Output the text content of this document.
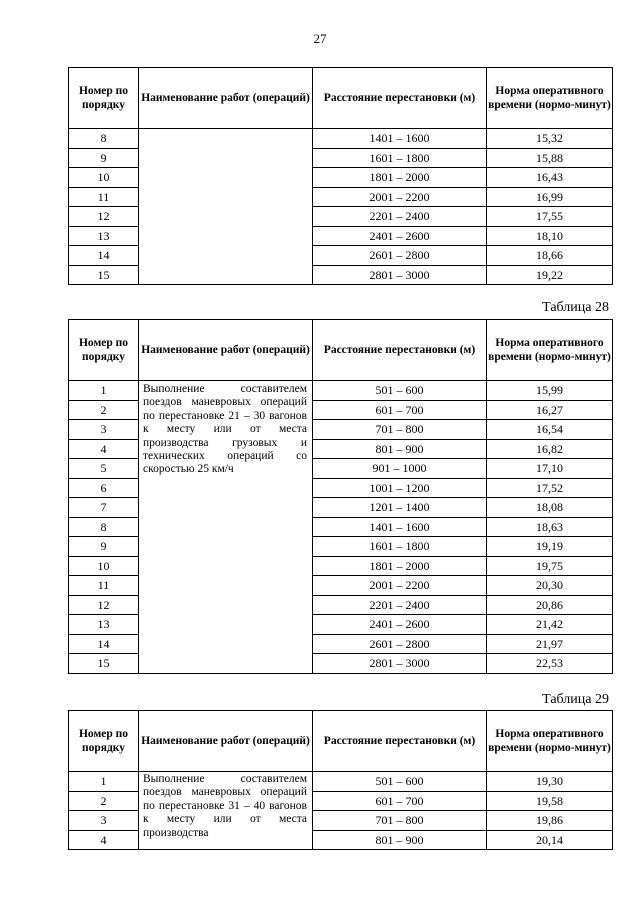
27
Номер по порядку	Наименование работ (операций)	Расстояние перестановки (м)	Норма оперативного времени (нормо-минут)
8		1401 – 1600	15,32
9		1601 – 1800	15,88
10		1801 – 2000	16,43
11		2001 – 2200	16,99
12		2201 – 2400	17,55
13		2401 – 2600	18,10
14		2601 – 2800	18,66
15		2801 – 3000	19,22
Таблица 28
Номер по порядку	Наименование работ (операций)	Расстояние перестановки (м)	Норма оперативного времени (нормо-минут)
1	Выполнение составителем поездов маневровых операций по перестановке 21 – 30 вагонов к месту или от места производства грузовых и технических операций со скоростью 25 км/ч	501 – 600	15,99
2		601 – 700	16,27
3		701 – 800	16,54
4		801 – 900	16,82
5		901 – 1000	17,10
6		1001 – 1200	17,52
7		1201 – 1400	18,08
8		1401 – 1600	18,63
9		1601 – 1800	19,19
10		1801 – 2000	19,75
11		2001 – 2200	20,30
12		2201 – 2400	20,86
13		2401 – 2600	21,42
14		2601 – 2800	21,97
15		2801 – 3000	22,53
Таблица 29
Номер по порядку	Наименование работ (операций)	Расстояние перестановки (м)	Норма оперативного времени (нормо-минут)
1	Выполнение составителем поездов маневровых операций по перестановке 31 – 40 вагонов к месту или от места производства	501 – 600	19,30
2		601 – 700	19,58
3		701 – 800	19,86
4		801 – 900	20,14
